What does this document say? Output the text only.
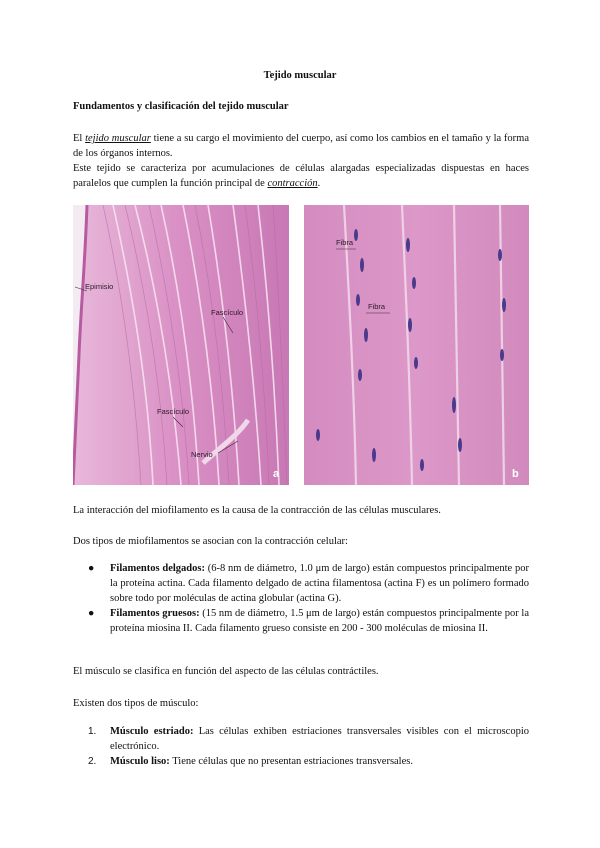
Tejido muscular
Fundamentos y clasificación del tejido muscular

El tejido muscular tiene a su cargo el movimiento del cuerpo, así como los cambios en el tamaño y la forma de los órganos internos.

Este tejido se caracteriza por acumulaciones de células alargadas especializadas dispuestas en haces paralelos que cumplen la función principal de contracción.

Epimisio
Fascículo
Fascículo
Nervio
a
Fibra
Fibra
b

La interacción del miofilamento es la causa de la contracción de las células musculares.

Dos tipos de miofilamentos se asocian con la contracción celular:

● Filamentos delgados: (6-8 nm de diámetro, 1.0 μm de largo) están compuestos principalmente por la proteína actina. Cada filamento delgado de actina filamentosa (actina F) es un polímero formado sobre todo por moléculas de actina globular (actina G).
● Filamentos gruesos: (15 nm de diámetro, 1.5 μm de largo) están compuestos principalmente por la proteína miosina II. Cada filamento grueso consiste en 200 - 300 moléculas de miosina II.

El músculo se clasifica en función del aspecto de las células contráctiles.

Existen dos tipos de músculo:

1. Músculo estriado: Las células exhiben estriaciones transversales visibles con el microscopio electrónico.
2. Músculo liso: Tiene células que no presentan estriaciones transversales.
